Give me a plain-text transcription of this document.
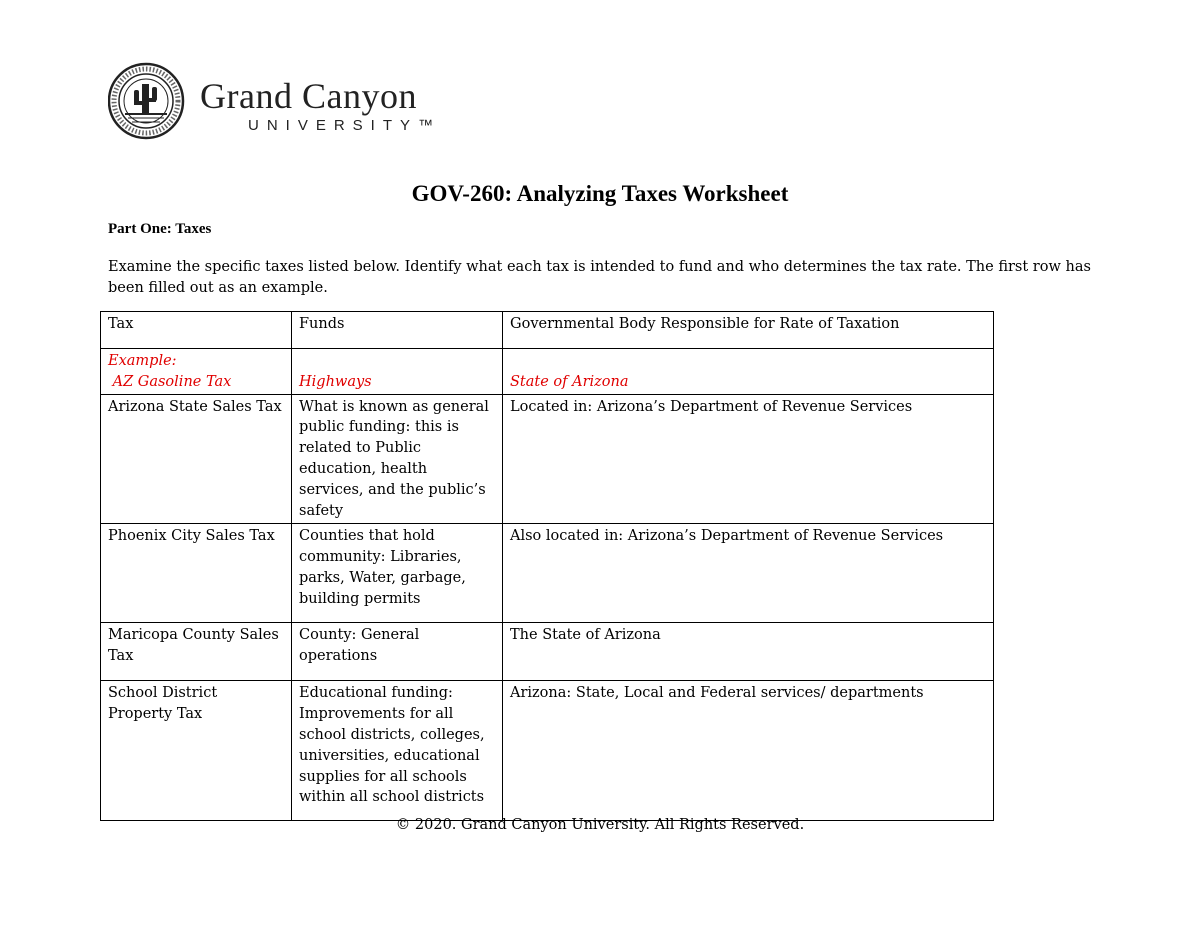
Grand Canyon
UNIVERSITY™
GOV-260: Analyzing Taxes Worksheet
Part One: Taxes
Examine the specific taxes listed below. Identify what each tax is intended to fund and who determines the tax rate. The first row has been filled out as an example.
Tax	Funds	Governmental Body Responsible for Rate of Taxation

Example:
AZ Gasoline Tax	Highways	State of Arizona
Arizona State Sales Tax	What is known as general public funding: this is related to Public education, health services, and the public’s safety	Located in: Arizona’s Department of Revenue Services
Phoenix City Sales Tax	Counties that hold community: Libraries, parks, Water, garbage, building permits	Also located in: Arizona’s Department of Revenue Services
Maricopa County Sales Tax	County: General operations	The State of Arizona
School District Property Tax	Educational funding: Improvements for all school districts, colleges, universities, educational supplies for all schools within all school districts	Arizona: State, Local and Federal services/ departments
© 2020. Grand Canyon University. All Rights Reserved.
